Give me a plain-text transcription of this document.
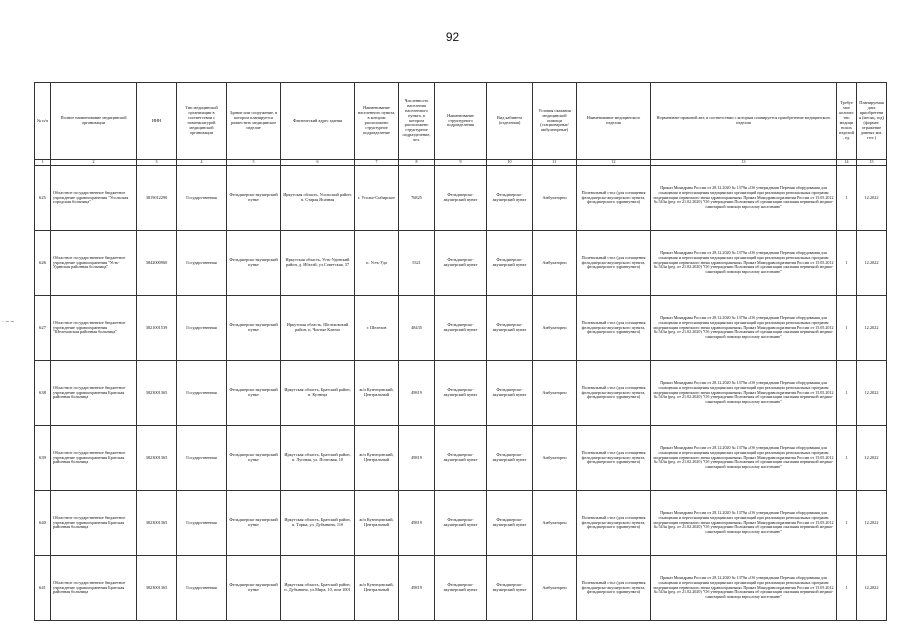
92
· ‒ ‒
№ п/п	Полное наименование медицинской организации	ИНН	Тип медицинской организации в соответствии с номенклатурой медицинской организации	Здание или сооружение, в котором планируется разместить медицинское изделие	Фактический адрес здания	Наименование населенного пункта, в котором расположено структурное подразделение	Численность населения населенного пункта, в котором расположено структурное подразделение, чел.	Наименование структурного подразделения	Вид кабинета (отделения)	Условия оказания медицинской помощи (стационарные/амбулаторные)	Наименование медицинского изделия	Нормативно-правовой акт, в соответствии с которым планируется приобретение медицинского изделия	Требуемое количество медицинских изделий, ед.	Планируемая дата приобретения (месяц, год) (формат: отражение данных мм. гггг.)
1	2	3	4	5	6	7	8	9	10	11	12	13	14	15
625	Областное государственное бюджетное учреждение здравоохранения "Усольская городская больница"	3819012290	Государственная	Фельдшерско-акушерский пункт	Иркутская область, Усольский район, п. Старая Ясачная	г. Усолье-Сибирское	76825	Фельдшерско-акушерский пункт	Фельдшерско-акушерский пункт	Амбулаторно	Полевальный стол (для оснащения фельдшерско-акушерского пункта, фельдшерского здравпункта)	Приказ Минздрава России от 28.12.2020 № 1379н «Об утверждении Перечня оборудования для оснащения и переоснащения медицинских организаций при реализации региональных программ модернизации первичного звена здравоохранения» Приказ Минздравсоцразвития России от 15.05.2012 № 543н (ред. от 21.02.2020) "Об утверждении Положения об организации оказания первичной медико-санитарной помощи взрослому населению"	1	12.2022
626	Областное государственное бюджетное учреждение здравоохранения "Усть-Удинская районная больница"	3842000960	Государственная	Фельдшерско-акушерский пункт	Иркутская область, Усть-Удинский район, д. Ибэлэй, ул.Советская, 37	п. Усть-Уда	5321	Фельдшерско-акушерский пункт	Фельдшерско-акушерский пункт	Амбулаторно	Полевальный стол (для оснащения фельдшерско-акушерского пункта, фельдшерского здравпункта)	Приказ Минздрава России от 28.12.2020 № 1379н «Об утверждении Перечня оборудования для оснащения и переоснащения медицинских организаций при реализации региональных программ модернизации первичного звена здравоохранения» Приказ Минздравсоцразвития России от 15.05.2012 № 543н (ред. от 21.02.2020) "Об утверждении Положения об организации оказания первичной медико-санитарной помощи взрослому населению"	1	12.2022
627	Областное государственное бюджетное учреждение здравоохранения "Шелеховская районная больница"	3821001539	Государственная	Фельдшерско-акушерский пункт	Иркутская область, Шелеховский район, п. Чистые Ключи	г. Шелехов	48435	Фельдшерско-акушерский пункт	Фельдшерско-акушерский пункт	Амбулаторно	Полевальный стол (для оснащения фельдшерско-акушерского пункта, фельдшерского здравпункта)	Приказ Минздрава России от 28.12.2020 № 1379н «Об утверждении Перечня оборудования для оснащения и переоснащения медицинских организаций при реализации региональных программ модернизации первичного звена здравоохранения» Приказ Минздравсоцразвития России от 15.05.2012 № 543н (ред. от 21.02.2020) "Об утверждении Положения об организации оказания первичной медико-санитарной помощи взрослому населению"	1	12.2022
638	Областное государственное бюджетное учреждение здравоохранения Братская районная больница	3823001365	Государственная	Фельдшерско-акушерский пункт	Иркутская область, Братский район, п. Кузнеца	ж/п Кузнецовский, Центральный	49819	Фельдшерско-акушерский пункт	Фельдшерско-акушерский пункт	Амбулаторно	Полевальный стол (для оснащения фельдшерско-акушерского пункта, фельдшерского здравпункта)	Приказ Минздрава России от 28.12.2020 № 1379н «Об утверждении Перечня оборудования для оснащения и переоснащения медицинских организаций при реализации региональных программ модернизации первичного звена здравоохранения» Приказ Минздравсоцразвития России от 15.05.2012 № 543н (ред. от 21.02.2020) "Об утверждении Положения об организации оказания первичной медико-санитарной помощи взрослому населению"	1	12.2022
639	Областное государственное бюджетное учреждение здравоохранения Братская районная больница	3823001365	Государственная	Фельдшерско-акушерский пункт	Иркутская область, Братский район, п. Луговая, ул. Почтовая, 10	ж/п Кузнецовский, Центральный	49819	Фельдшерско-акушерский пункт	Фельдшерско-акушерский пункт	Амбулаторно	Полевальный стол (для оснащения фельдшерско-акушерского пункта, фельдшерского здравпункта)	Приказ Минздрава России от 28.12.2020 № 1379н «Об утверждении Перечня оборудования для оснащения и переоснащения медицинских организаций при реализации региональных программ модернизации первичного звена здравоохранения» Приказ Минздравсоцразвития России от 15.05.2012 № 543н (ред. от 21.02.2020) "Об утверждении Положения об организации оказания первичной медико-санитарной помощи взрослому населению"	1	12.2022
640	Областное государственное бюджетное учреждение здравоохранения Братская районная больница	3823001365	Государственная	Фельдшерско-акушерский пункт	Иркутская область, Братский район, п. Тарма, ул. Дубынина, 11б	ж/п Кузнецовский, Центральный	49819	Фельдшерско-акушерский пункт	Фельдшерско-акушерский пункт	Амбулаторно	Полевальный стол (для оснащения фельдшерско-акушерского пункта, фельдшерского здравпункта)	Приказ Минздрава России от 28.12.2020 № 1379н «Об утверждении Перечня оборудования для оснащения и переоснащения медицинских организаций при реализации региональных программ модернизации первичного звена здравоохранения» Приказ Минздравсоцразвития России от 15.05.2012 № 543н (ред. от 21.02.2020) "Об утверждении Положения об организации оказания первичной медико-санитарной помощи взрослому населению"	1	12.2022
641	Областное государственное бюджетное учреждение здравоохранения Братская районная больница	3823001365	Государственная	Фельдшерско-акушерский пункт	Иркутская область, Братский район, п. Дубынино, ул.Мира, 10, пом 1001	ж/п Кузнецовский, Центральный	49819	Фельдшерско-акушерский пункт	Фельдшерско-акушерский пункт	Амбулаторно	Полевальный стол (для оснащения фельдшерско-акушерского пункта, фельдшерского здравпункта)	Приказ Минздрава России от 28.12.2020 № 1379н «Об утверждении Перечня оборудования для оснащения и переоснащения медицинских организаций при реализации региональных программ модернизации первичного звена здравоохранения» Приказ Минздравсоцразвития России от 15.05.2012 № 543н (ред. от 21.02.2020) "Об утверждении Положения об организации оказания первичной медико-санитарной помощи взрослому населению"	1	12.2022
